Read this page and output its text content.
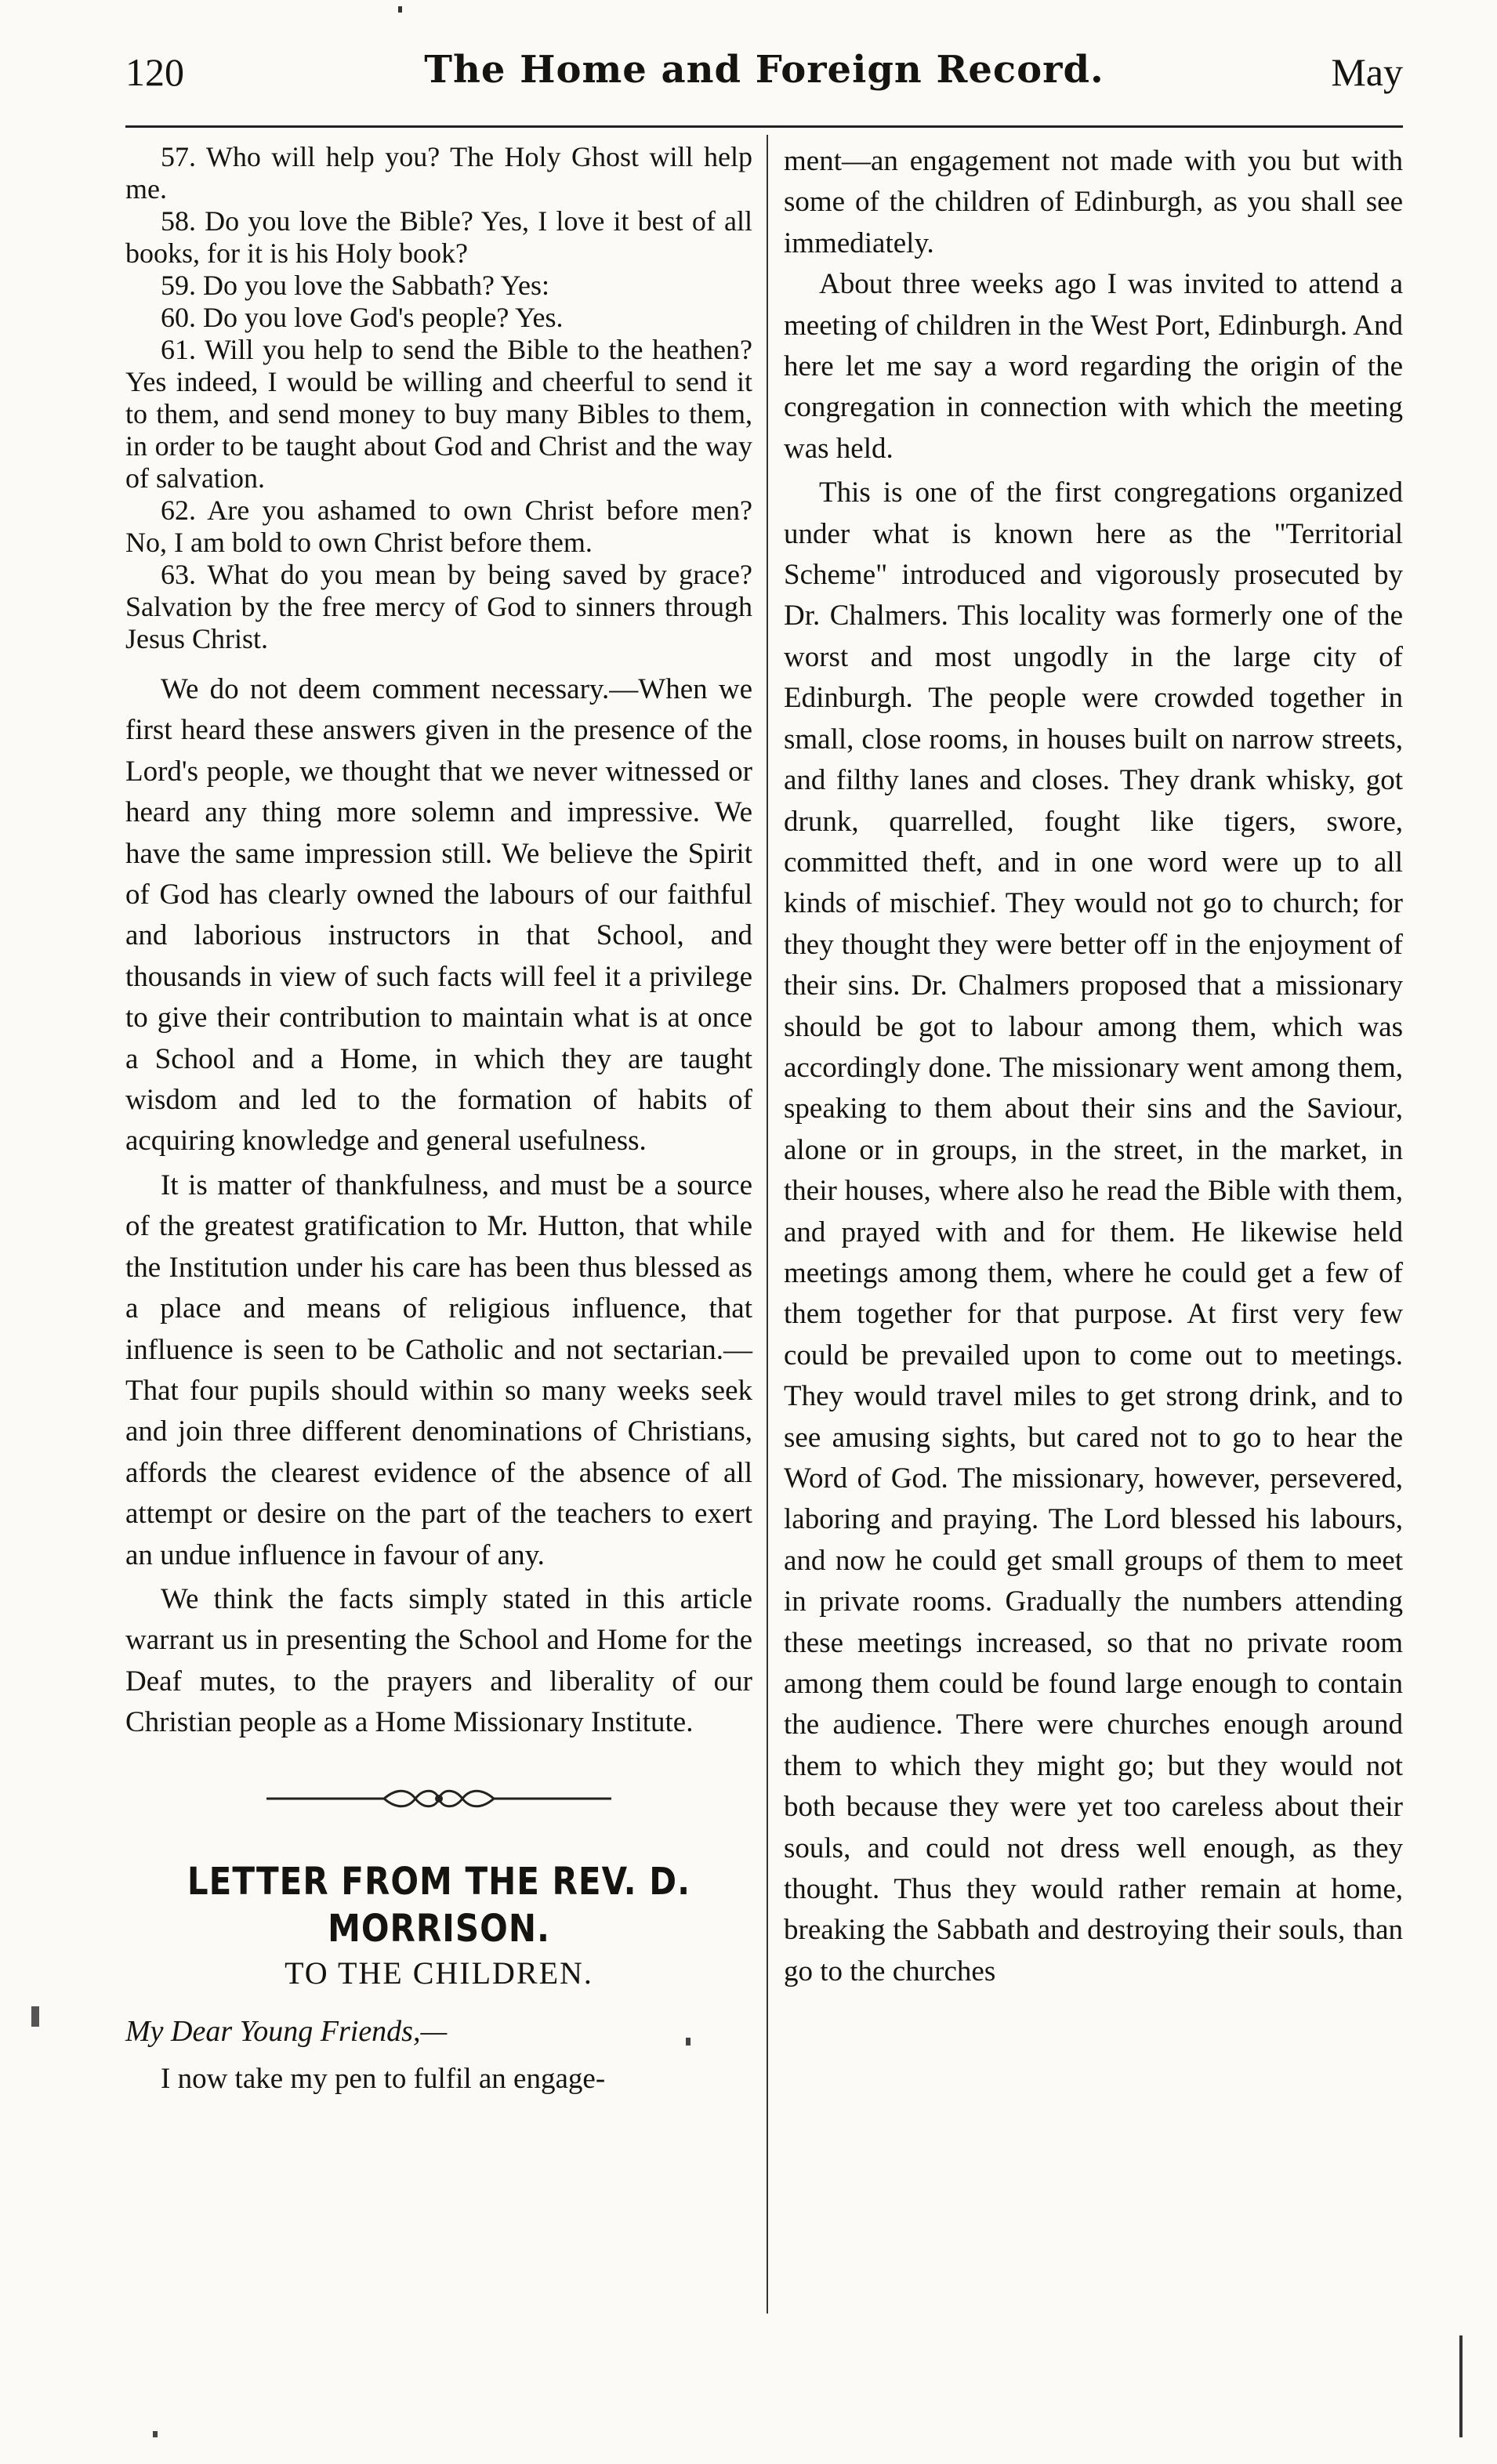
120	The Home and Foreign Record.	May

57. Who will help you? The Holy Ghost will help me.

58. Do you love the Bible? Yes, I love it best of all books, for it is his Holy book?

59. Do you love the Sabbath? Yes:

60. Do you love God's people? Yes.

61. Will you help to send the Bible to the heathen? Yes indeed, I would be willing and cheerful to send it to them, and send money to buy many Bibles to them, in order to be taught about God and Christ and the way of salvation.

62. Are you ashamed to own Christ before men? No, I am bold to own Christ before them.

63. What do you mean by being saved by grace? Salvation by the free mercy of God to sinners through Jesus Christ.

We do not deem comment necessary.—When we first heard these answers given in the presence of the Lord's people, we thought that we never witnessed or heard any thing more solemn and impressive. We have the same impression still. We believe the Spirit of God has clearly owned the labours of our faithful and laborious instructors in that School, and thousands in view of such facts will feel it a privilege to give their contribution to maintain what is at once a School and a Home, in which they are taught wisdom and led to the formation of habits of acquiring knowledge and general usefulness.

It is matter of thankfulness, and must be a source of the greatest gratification to Mr. Hutton, that while the Institution under his care has been thus blessed as a place and means of religious influence, that influence is seen to be Catholic and not sectarian.—That four pupils should within so many weeks seek and join three different denominations of Christians, affords the clearest evidence of the absence of all attempt or desire on the part of the teachers to exert an undue influence in favour of any.

We think the facts simply stated in this article warrant us in presenting the School and Home for the Deaf mutes, to the prayers and liberality of our Christian people as a Home Missionary Institute.

LETTER FROM THE REV. D. MORRISON.
TO THE CHILDREN.

My Dear Young Friends,—

I now take my pen to fulfil an engage-

ment—an engagement not made with you but with some of the children of Edinburgh, as you shall see immediately.

About three weeks ago I was invited to attend a meeting of children in the West Port, Edinburgh. And here let me say a word regarding the origin of the congregation in connection with which the meeting was held.

This is one of the first congregations organized under what is known here as the "Territorial Scheme" introduced and vigorously prosecuted by Dr. Chalmers. This locality was formerly one of the worst and most ungodly in the large city of Edinburgh. The people were crowded together in small, close rooms, in houses built on narrow streets, and filthy lanes and closes. They drank whisky, got drunk, quarrelled, fought like tigers, swore, committed theft, and in one word were up to all kinds of mischief. They would not go to church; for they thought they were better off in the enjoyment of their sins. Dr. Chalmers proposed that a missionary should be got to labour among them, which was accordingly done. The missionary went among them, speaking to them about their sins and the Saviour, alone or in groups, in the street, in the market, in their houses, where also he read the Bible with them, and prayed with and for them. He likewise held meetings among them, where he could get a few of them together for that purpose. At first very few could be prevailed upon to come out to meetings. They would travel miles to get strong drink, and to see amusing sights, but cared not to go to hear the Word of God. The missionary, however, persevered, laboring and praying. The Lord blessed his labours, and now he could get small groups of them to meet in private rooms. Gradually the numbers attending these meetings increased, so that no private room among them could be found large enough to contain the audience. There were churches enough around them to which they might go; but they would not both because they were yet too careless about their souls, and could not dress well enough, as they thought. Thus they would rather remain at home, breaking the Sabbath and destroying their souls, than go to the churches
